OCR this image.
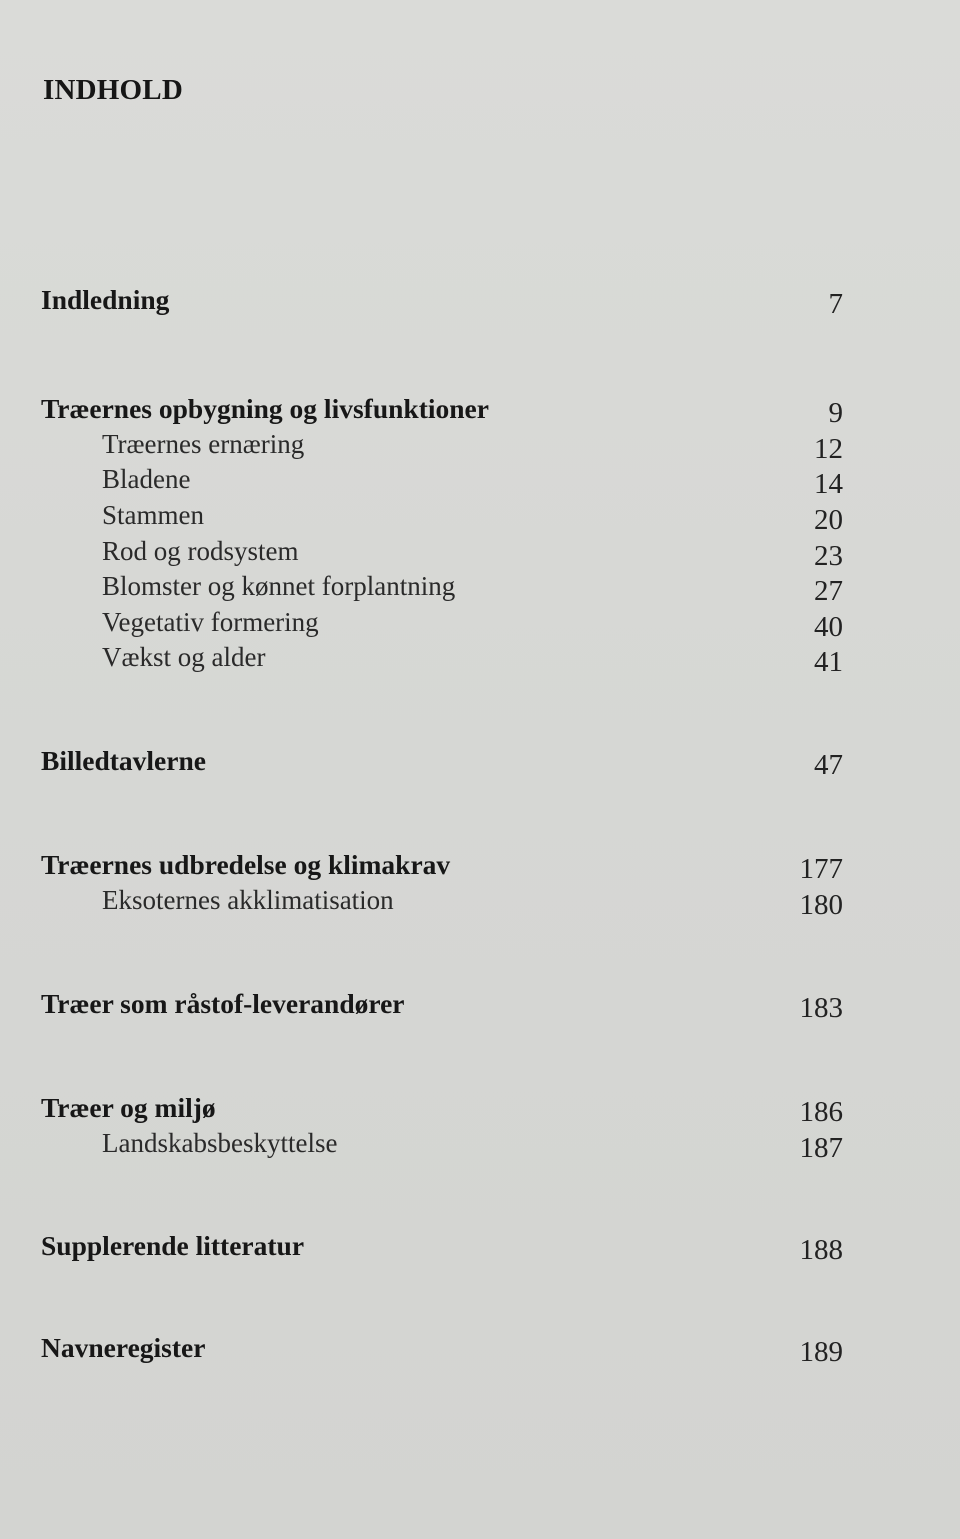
INDHOLD
Indledning	7
Træernes opbygning og livsfunktioner	9
Træernes ernæring	12
Bladene	14
Stammen	20
Rod og rodsystem	23
Blomster og kønnet forplantning	27
Vegetativ formering	40
Vækst og alder	41
Billedtavlerne	47
Træernes udbredelse og klimakrav	177
Eksoternes akklimatisation	180
Træer som råstof-leverandører	183
Træer og miljø	186
Landskabsbeskyttelse	187
Supplerende litteratur	188
Navneregister	189
